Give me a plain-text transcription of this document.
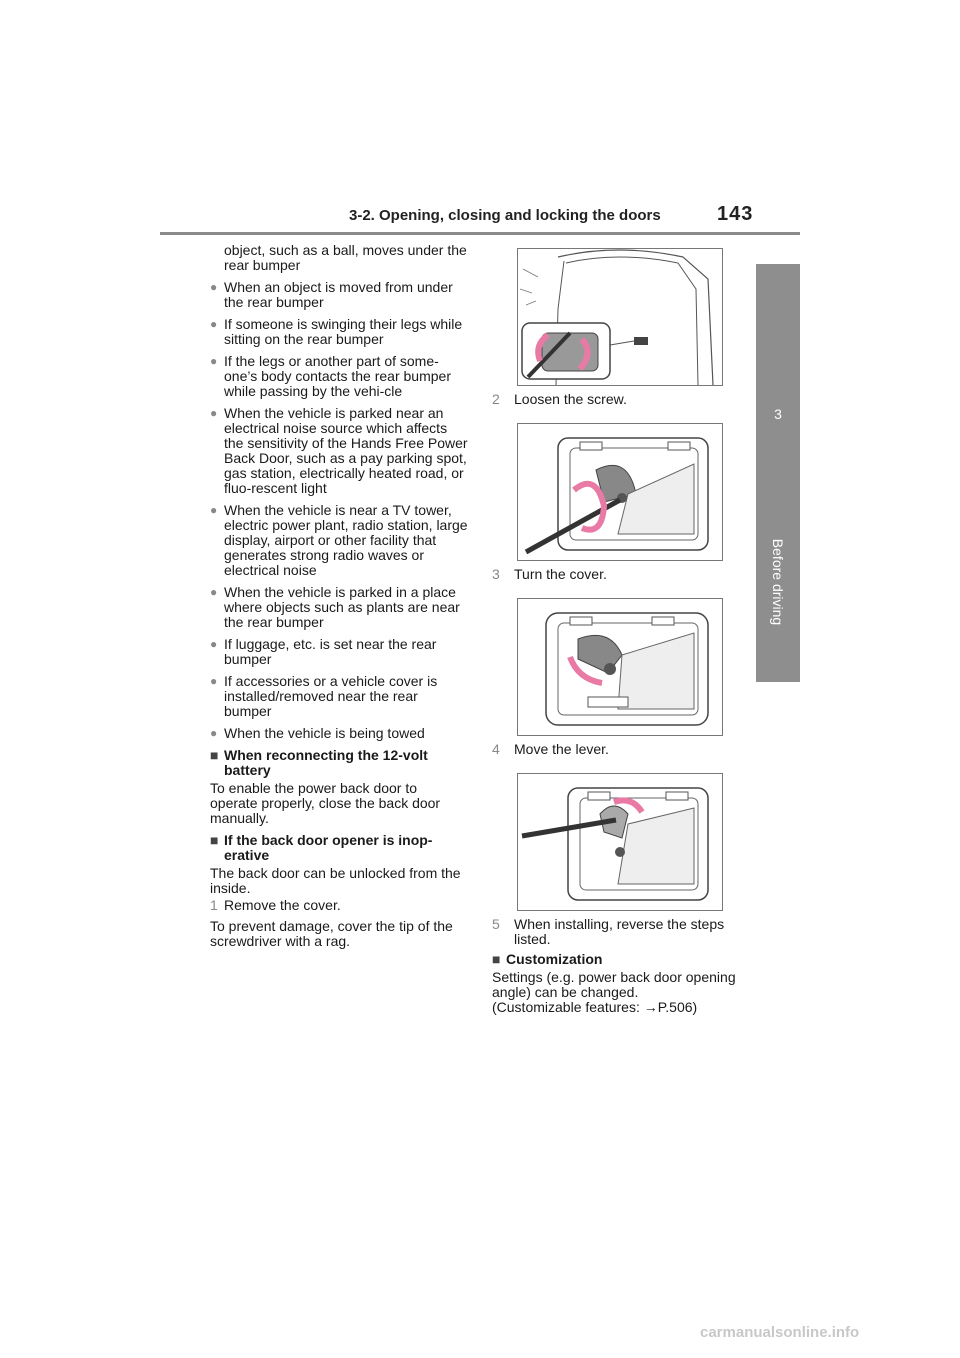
3-2. Opening, closing and locking the doors	143
3
Before driving

object, such as a ball, moves under the rear bumper

● When an object is moved from under the rear bumper
● If someone is swinging their legs while sitting on the rear bumper
● If the legs or another part of some-one’s body contacts the rear bumper while passing by the vehi-cle
● When the vehicle is parked near an electrical noise source which affects the sensitivity of the Hands Free Power Back Door, such as a pay parking spot, gas station, electrically heated road, or fluo-rescent light
● When the vehicle is near a TV tower, electric power plant, radio station, large display, airport or other facility that generates strong radio waves or electrical noise
● When the vehicle is parked in a place where objects such as plants are near the rear bumper
● If luggage, etc. is set near the rear bumper
● If accessories or a vehicle cover is installed/removed near the rear bumper
● When the vehicle is being towed
■ When reconnecting the 12-volt battery

To enable the power back door to operate properly, close the back door manually.

■ If the back door opener is inop-erative

The back door can be unlocked from the inside.

1 Remove the cover.

To prevent damage, cover the tip of the screwdriver with a rag.

2 Loosen the screw.
3 Turn the cover.
4 Move the lever.
5 When installing, reverse the steps listed.
■ Customization

Settings (e.g. power back door opening angle) can be changed.
(Customizable features: →P.506)

carmanualsonline.info
